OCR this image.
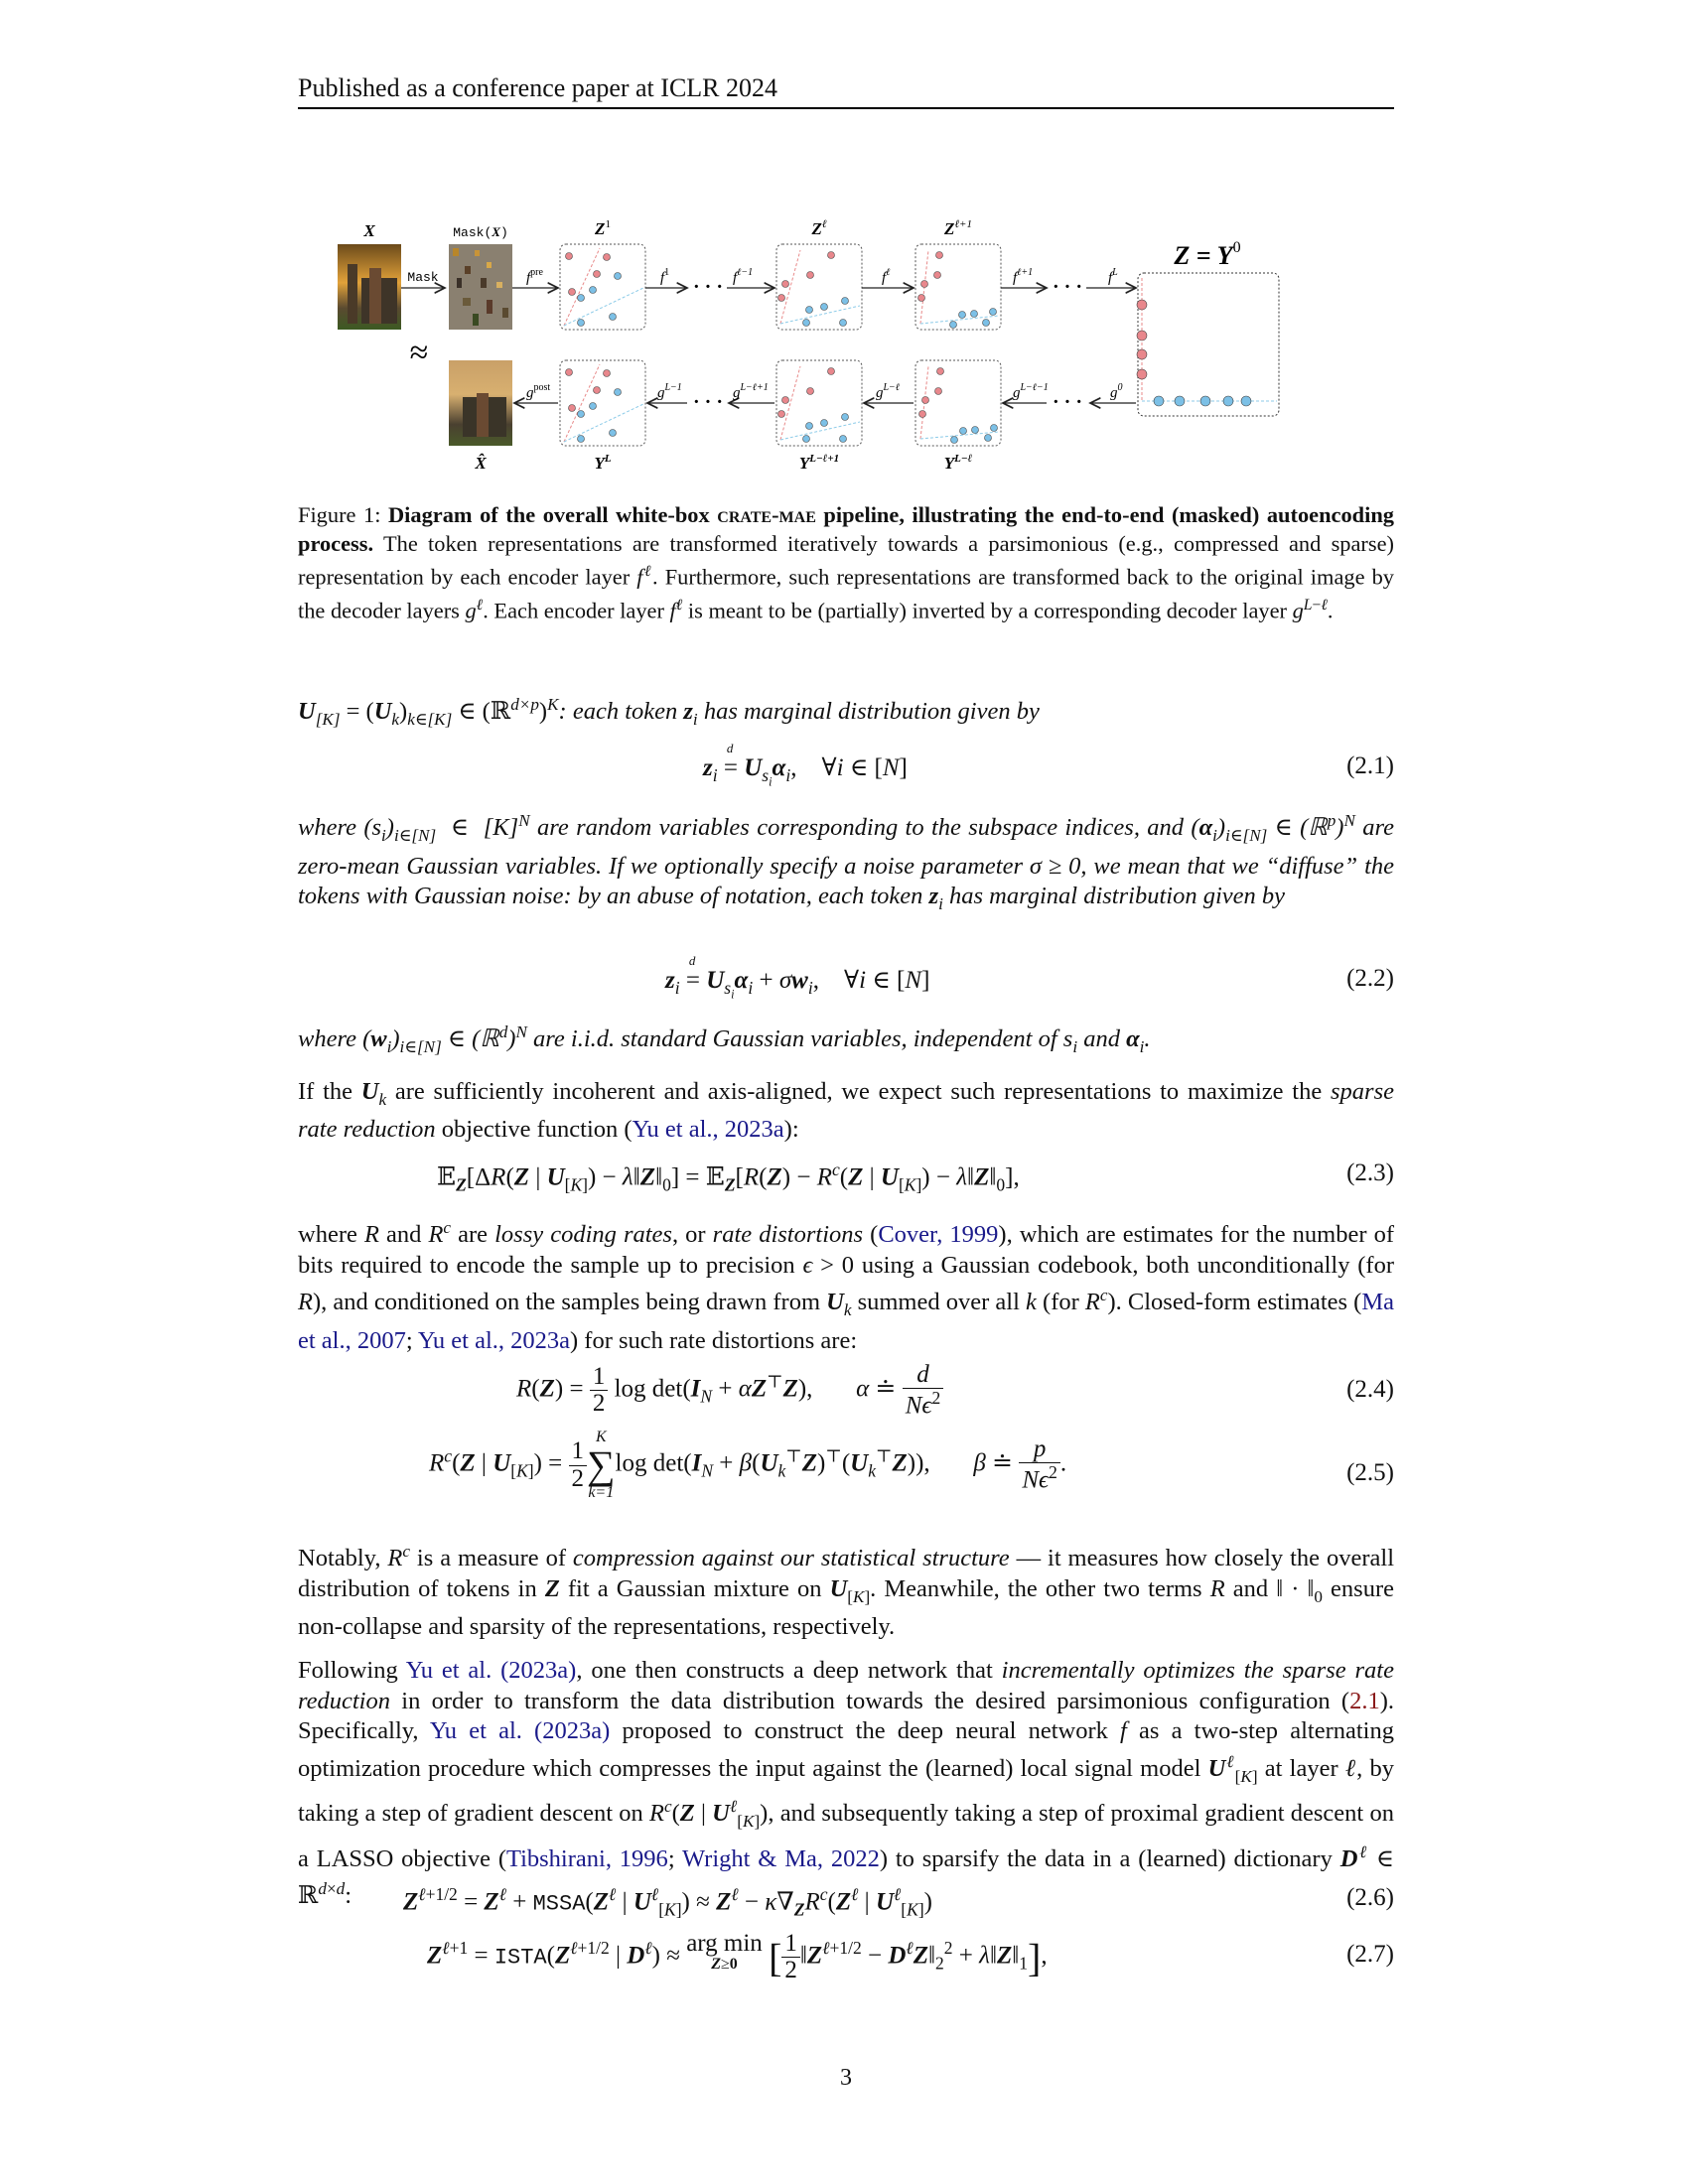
Published as a conference paper at ICLR 2024
X
Mask
Mask(X)
≈
X̂
$f^{pre}$
$g^{post}$
$Z^1$
$Y^L$
$f^1$
· · · $f^{\ell-1}$
$g^{L-1}$
· · · $g^{L-\ell+1}$
$Z^\ell$
$Y^{L-\ell+1}$
$f^\ell$
$g^{L-\ell}$
$Z^{\ell+1}$
$Y^{L-\ell}$
$f^{\ell+1}$
· · · $f^L$
$g^{L-\ell-1}$
· · · $g^0$
$Z = Y^0$
Figure 1: Diagram of the overall white-box crate-mae pipeline, illustrating the end-to-end (masked) autoencoding process. The token representations are transformed iteratively towards a parsimonious (e.g., compressed and sparse) representation by each encoder layer $f^\ell$. Furthermore, such representations are transformed back to the original image by the decoder layers $g^\ell$. Each encoder layer $f^\ell$ is meant to be (partially) inverted by a corresponding decoder layer $g^{L-\ell}$.
$U_{[K]} = (U_k)_{k\in[K]}$ ∈ (ℝ$^{d\times p}$)$^K$: each token $z_i$ has marginal distribution given by
$z_i$ =
d
$U_{s_i}\alpha_i$,    ∀i ∈ [N]	(2.1)
where $(s_i)_{i\in[N]}$  ∈  $[K]^N$ are random variables corresponding to the subspace indices, and $(\alpha_i)_{i\in[N]}$ ∈ (ℝ$^p$)$^N$ are zero-mean Gaussian variables. If we optionally specify a noise parameter σ ≥ 0, we mean that we “diffuse” the tokens with Gaussian noise: by an abuse of notation, each token $z_i$ has marginal distribution given by
$z_i$ =
d
$U_{s_i}\alpha_i + \sigma w_i$,    ∀i ∈ [N]	(2.2)
where $(w_i)_{i\in[N]}$ ∈ (ℝ$^d$)$^N$ are i.i.d. standard Gaussian variables, independent of $s_i$ and $\alpha_i$.
If the $U_k$ are sufficiently incoherent and axis-aligned, we expect such representations to maximize the sparse rate reduction objective function (Yu et al., 2023a):
𝔼$_Z$[ΔR(Z | $U_{[K]}$) − $\lambda‖Z‖_0$] = 𝔼$_Z$[R(Z) − $R^c(Z$ | $U_{[K]}$) − $\lambda‖Z‖_0$],	(2.3)
where R and $R^c$ are lossy coding rates, or rate distortions (Cover, 1999), which are estimates for the number of bits required to encode the sample up to precision ϵ > 0 using a Gaussian codebook, both unconditionally (for R), and conditioned on the samples being drawn from $U_k$ summed over all k (for $R^c$). Closed-form estimates (Ma et al., 2007; Yu et al., 2023a) for such rate distortions are:
$R(Z) = \frac{1}{2}$ $\log \det(I_N + \alpha Z^⊤Z)$,       α ≐ $\frac{d}{N\epsilon^2}$	(2.4)
$R^c(Z$ | $U_{[K]}) = \frac{1}{2}$
K
∑
k=1
$\log \det(I_N + \beta(U_k^⊤Z)^⊤(U_k^⊤Z))$,       β ≐ $\frac{p}{N\epsilon^2}$ .	(2.5)
Notably, $R^c$ is a measure of compression against our statistical structure — it measures how closely the overall distribution of tokens in Z fit a Gaussian mixture on $U_{[K]}$. Meanwhile, the other two terms R and ‖ · $‖_0$ ensure non-collapse and sparsity of the representations, respectively.
Following Yu et al. (2023a), one then constructs a deep network that incrementally optimizes the sparse rate reduction in order to transform the data distribution towards the desired parsimonious configuration (2.1). Specifically, Yu et al. (2023a) proposed to construct the deep neural network f as a two-step alternating optimization procedure which compresses the input against the (learned) local signal model $U^\ell_{[K]}$ at layer ℓ, by taking a step of gradient descent on $R^c(Z$ | $U^\ell_{[K]}$), and subsequently taking a step of proximal gradient descent on a LASSO objective (Tibshirani, 1996; Wright & Ma, 2022) to sparsify the data in a (learned) dictionary $D^\ell$ ∈ ℝ$^{d\times d}$:	$Z^{\ell+1/2} = Z^\ell$ + $MSSA(Z^\ell$ | $U^\ell_{[K]}) \approx Z^\ell - \kappa\nabla_ZR^c(Z^\ell$ | $U^\ell_{[K]}$)	(2.6)
$Z^{\ell+1}$ = $ISTA(Z^{\ell+1/2}$ | $D^\ell$) ≈ arg min
Z≥0 [ $\frac{1}{2}$ $‖Z^{\ell+1/2}$ − $D^\ell Z‖_2^2$ + $\lambda‖Z‖_1$],	(2.7)
3
